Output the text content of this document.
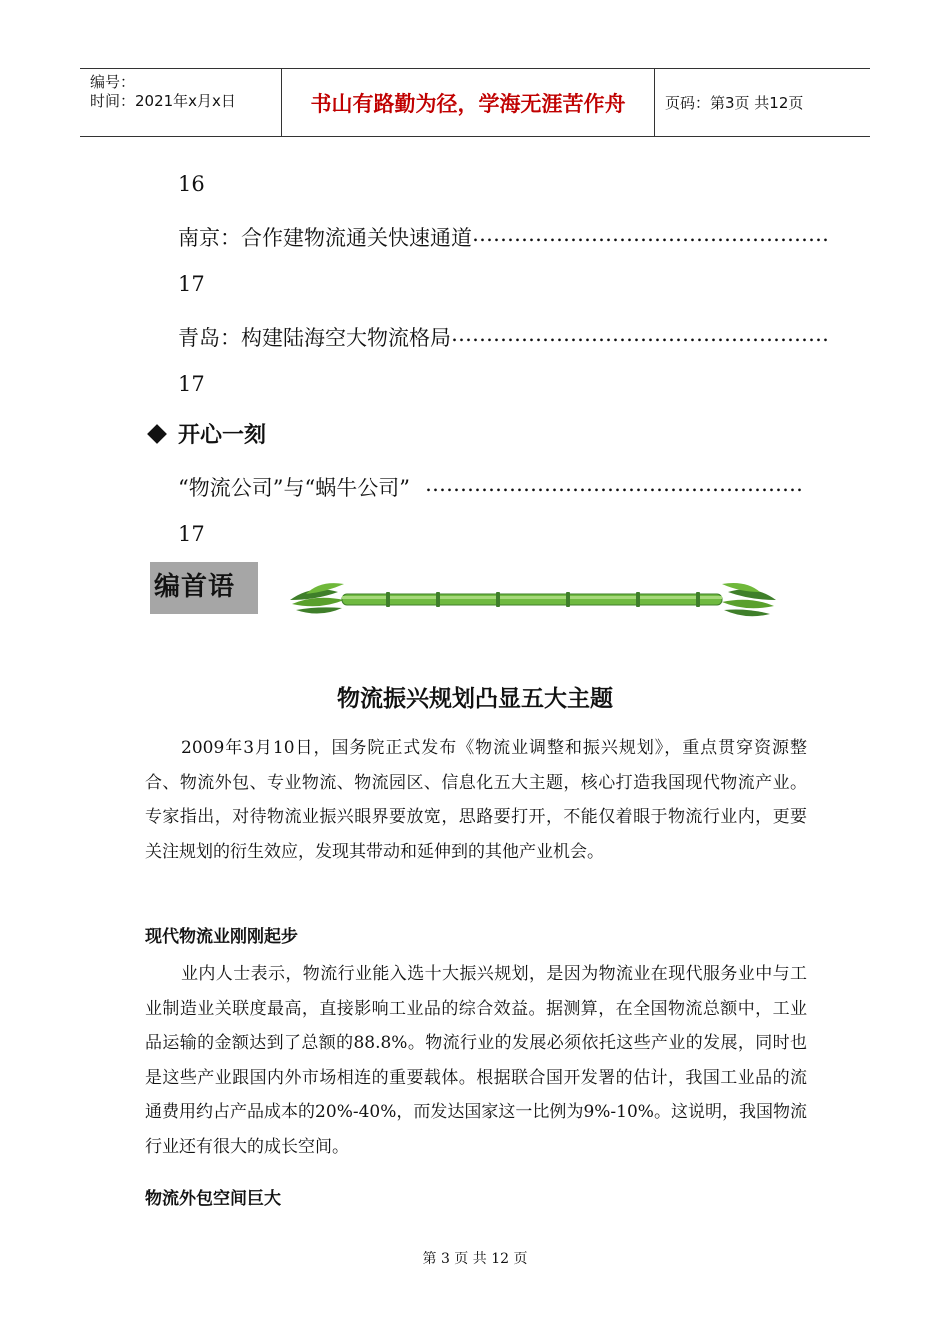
编号：
时间：2021年x月x日	书山有路勤为径，学海无涯苦作舟	页码：第3页 共12页
16
南京：合作建物流通关快速通道 ……………………………………………
17
青岛：构建陆海空大物流格局 ………………………………………………
17
开心一刻
“物流公司”与“蜗牛公司” ………………………………………………
17
编首语
物流振兴规划凸显五大主题

2009年3月10日，国务院正式发布《物流业调整和振兴规划》，重点贯穿资源整合、物流外包、专业物流、物流园区、信息化五大主题，核心打造我国现代物流产业。专家指出，对待物流业振兴眼界要放宽，思路要打开，不能仅着眼于物流行业内，更要关注规划的衍生效应，发现其带动和延伸到的其他产业机会。

现代物流业刚刚起步

业内人士表示，物流行业能入选十大振兴规划，是因为物流业在现代服务业中与工业制造业关联度最高，直接影响工业品的综合效益。据测算，在全国物流总额中，工业品运输的金额达到了总额的88.8%。物流行业的发展必须依托这些产业的发展，同时也是这些产业跟国内外市场相连的重要载体。根据联合国开发署的估计，我国工业品的流通费用约占产品成本的20%-40%，而发达国家这一比例为9%-10%。这说明，我国物流行业还有很大的成长空间。

物流外包空间巨大
第 3 页 共 12 页
